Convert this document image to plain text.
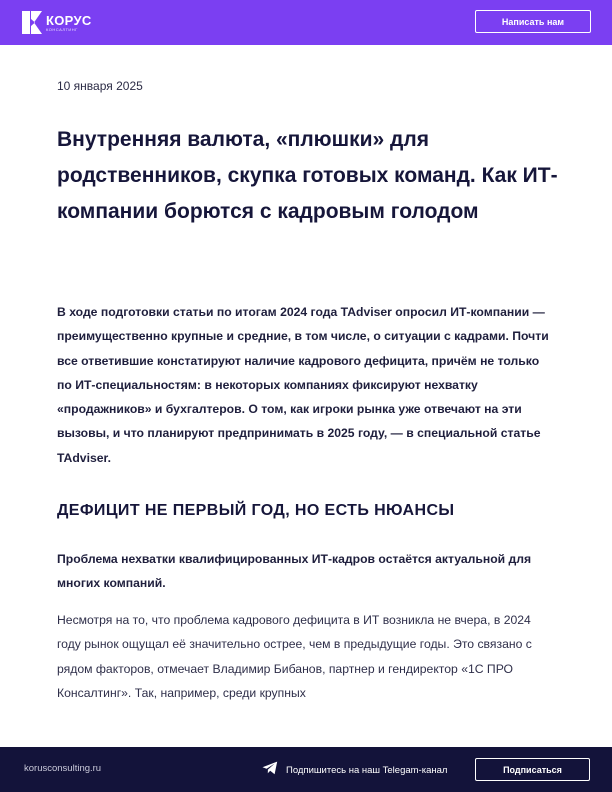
КОРУС
КОНСАЛТИНГ
Написать нам
10 января 2025
Внутренняя валюта, «плюшки» для родственников, скупка готовых команд. Как ИТ-компании борются с кадровым голодом

В ходе подготовки статьи по итогам 2024 года TAdviser опросил ИТ-компании — преимущественно крупные и средние, в том числе, о ситуации с кадрами. Почти все ответившие констатируют наличие кадрового дефицита, причём не только по ИТ-специальностям: в некоторых компаниях фиксируют нехватку «продажников» и бухгалтеров. О том, как игроки рынка уже отвечают на эти вызовы, и что планируют предпринимать в 2025 году, — в специальной статье TAdviser.

ДЕФИЦИТ НЕ ПЕРВЫЙ ГОД, НО ЕСТЬ НЮАНСЫ

Проблема нехватки квалифицированных ИТ-кадров остаётся актуальной для многих компаний.

Несмотря на то, что проблема кадрового дефицита в ИТ возникла не вчера, в 2024 году рынок ощущал её значительно острее, чем в предыдущие годы. Это связано с рядом факторов, отмечает Владимир Бибанов, партнер и гендиректор «1С ПРО Консалтинг». Так, например, среди крупных

korusconsulting.ru	Подпишитесь на наш Telegam-канал	Подписаться
